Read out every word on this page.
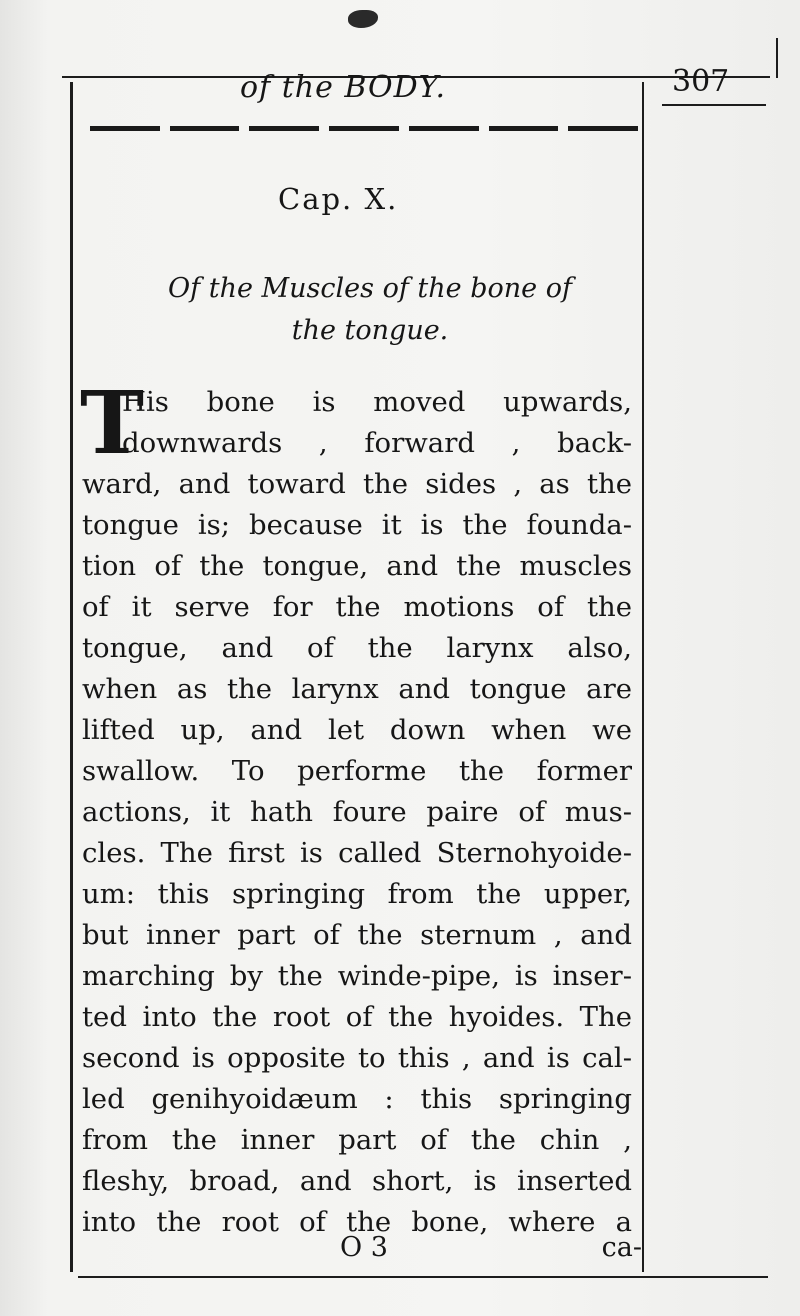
of the BODY.	307
Cap. X.
Of the Muscles of the bone of
the tongue.
T
His bone is moved upwards,
downwards , forward , back-
ward, and toward the sides , as the
tongue is; because it is the founda-
tion of the tongue, and the muscles
of it serve for the motions of the
tongue, and of the larynx also,
when as the larynx and tongue are
lifted up, and let down when we
swallow. To performe the former
actions, it hath foure paire of mus-
cles. The first is called Sternohyoide-
um: this springing from the upper,
but inner part of the sternum , and
marching by the winde-pipe, is inser-
ted into the root of the hyoides. The
second is opposite to this , and is cal-
led genihyoidæum : this springing
from the inner part of the chin ,
fleshy, broad, and short, is inserted
into the root of the bone, where a
O 3	ca-
